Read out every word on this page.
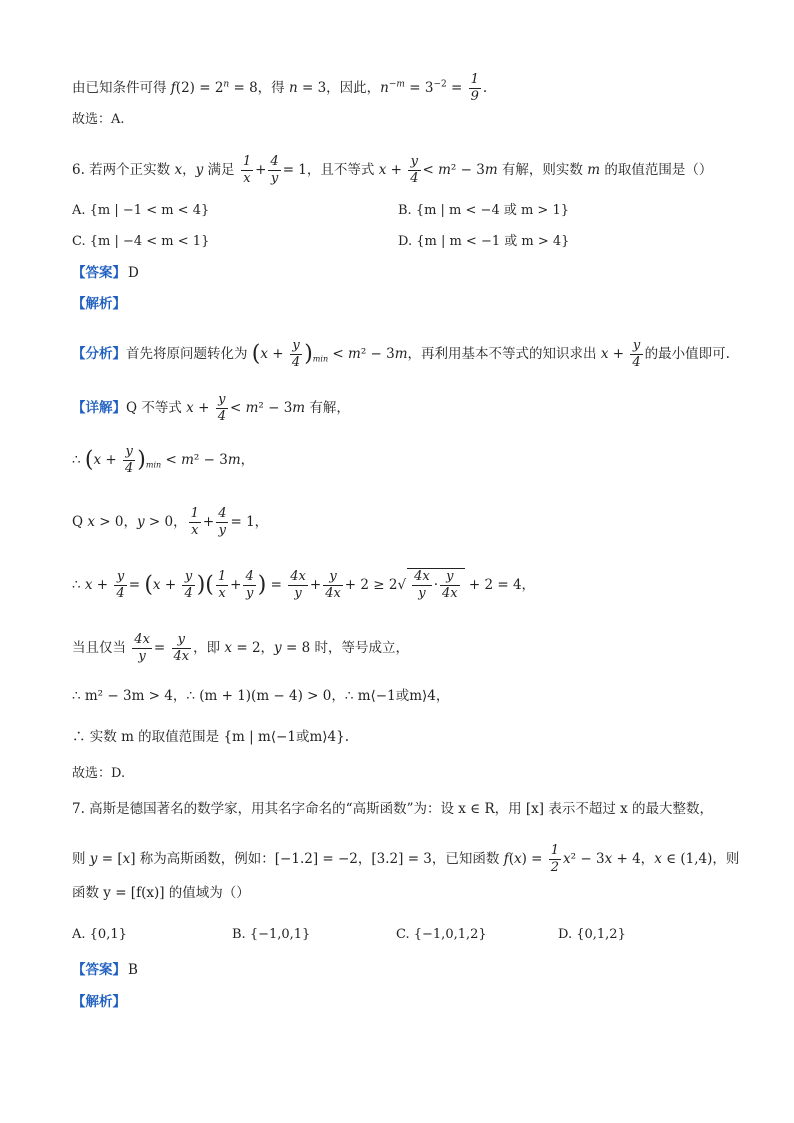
由已知条件可得 $f(2) = 2^n = 8$，得 n = 3，因此，$n^{-m} = 3^{-2} = \frac{1}{9}$ .
故选：A.
6. 若两个正实数 x，y 满足 $\frac{1}{x} + \frac{4}{y} = 1$，且不等式 $x + \frac{y}{4} < m^2 - 3m$ 有解，则实数 m 的取值范围是（）
A. {m | −1 < m < 4}	B. {m | m < −4 或 m > 1}
C. {m | −4 < m < 1}	D. {m | m < −1 或 m > 4}
【答案】 D
【解析】
【分析】首先将原问题转化为 $(x + \frac{y}{4} )_{min} < m^2 - 3m$，再利用基本不等式的知识求出 $x + \frac{y}{4}$ 的最小值即可.
【详解】Q 不等式 $x + \frac{y}{4} < m^2 - 3m$ 有解，
∴ $(x + \frac{y}{4} )_{min} < m^2 - 3m$，
Q x > 0，y > 0， $\frac{1}{x} + \frac{4}{y} = 1$，
∴ $x + \frac{y}{4} = (x + \frac{y}{4}$ )( $\frac{1}{x} + \frac{4}{y}$ ) = $\frac{4x}{y} + \frac{y}{4x} + 2 \ge 2√ \frac{4x}{y} \cdot \frac{y}{4x} + 2 = 4$，
当且仅当 $\frac{4x}{y} = \frac{y}{4x}$ ，即 x = 2，y = 8 时，等号成立，
∴ m² − 3m > 4，∴ (m + 1)(m − 4) > 0，∴ m⟨−1或m⟩4，
∴ 实数 m 的取值范围是 {m | m⟨−1或m⟩4}.
故选：D.
7. 高斯是德国著名的数学家，用其名字命名的“高斯函数”为：设 x ∈ R，用 [x] 表示不超过 x 的最大整数，
则 y = [x] 称为高斯函数，例如：[−1.2] = −2，[3.2] = 3，已知函数 $f(x) = \frac{1}{2} x^2 - 3x + 4$，x ∈ (1,4)，则
函数 y = [f(x)] 的值域为（）
A. {0,1}	B. {−1,0,1}	C. {−1,0,1,2}	D. {0,1,2}
【答案】 B
【解析】
